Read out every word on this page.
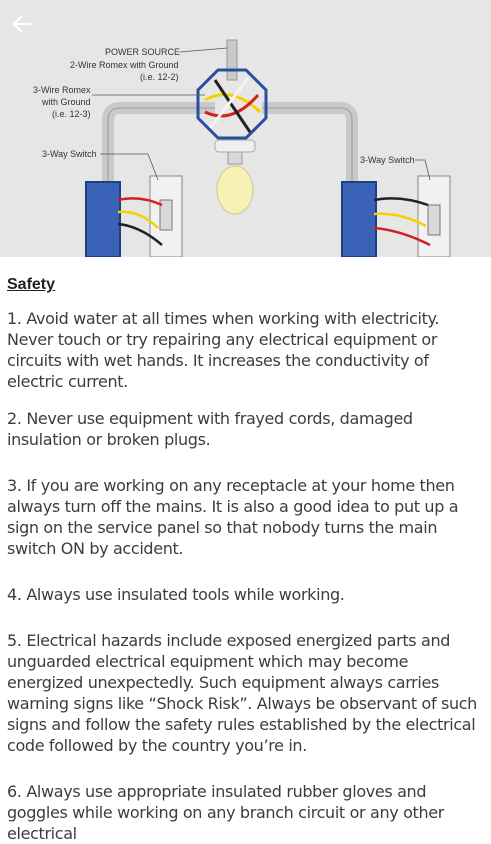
POWER SOURCE
2-Wire Romex with Ground
(i.e. 12-2)
3-Wire Romex
with Ground
(i.e. 12-3)
3-Way Switch
3-Way Switch
Safety

1. Avoid water at all times when working with electricity. Never touch or try repairing any electrical equipment or circuits with wet hands. It increases the conductivity of electric current.

2. Never use equipment with frayed cords, damaged insulation or broken plugs.

3. If you are working on any receptacle at your home then always turn off the mains. It is also a good idea to put up a sign on the service panel so that nobody turns the main switch ON by accident.

4. Always use insulated tools while working.

5. Electrical hazards include exposed energized parts and unguarded electrical equipment which may become energized unexpectedly. Such equipment always carries warning signs like “Shock Risk”. Always be observant of such signs and follow the safety rules established by the electrical code followed by the country you’re in.

6. Always use appropriate insulated rubber gloves and goggles while working on any branch circuit or any other electrical
